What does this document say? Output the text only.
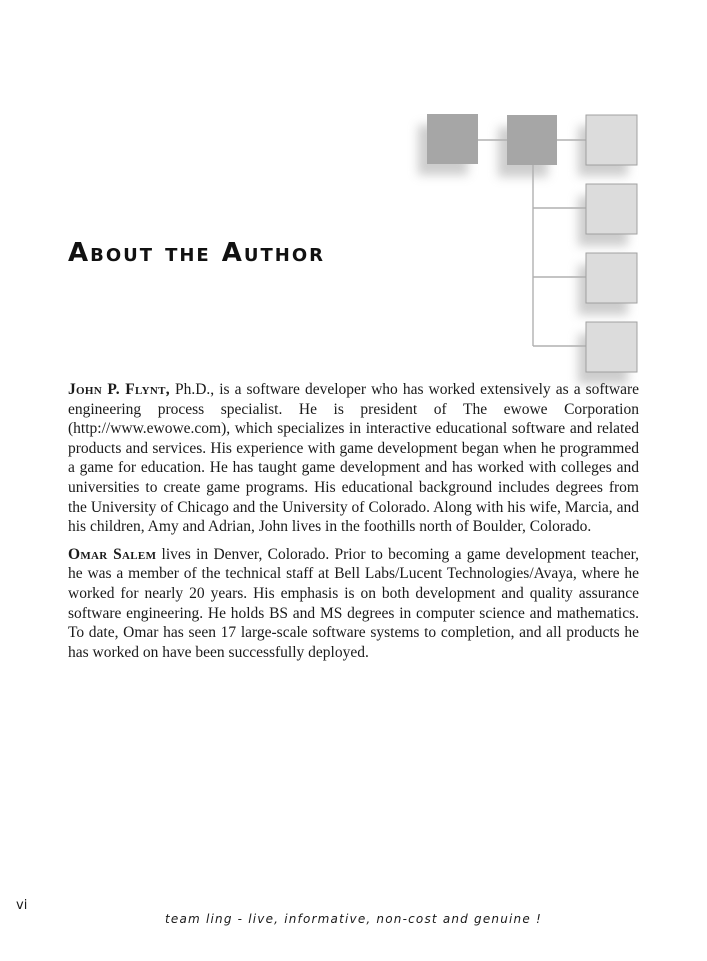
About the Author

John P. Flynt, Ph.D., is a software developer who has worked extensively as a software engineering process specialist. He is president of The ewowe Corporation (http://www.ewowe.com), which specializes in interactive educational software and related products and services. His experience with game development began when he programmed a game for education. He has taught game development and has worked with colleges and universities to create game programs. His educational background includes degrees from the University of Chicago and the University of Colorado. Along with his wife, Marcia, and his children, Amy and Adrian, John lives in the foothills north of Boulder, Colorado.

Omar Salem lives in Denver, Colorado. Prior to becoming a game development teacher, he was a member of the technical staff at Bell Labs/Lucent Technologies/Avaya, where he worked for nearly 20 years. His emphasis is on both development and quality assurance software engineering. He holds BS and MS degrees in computer science and mathematics. To date, Omar has seen 17 large-scale software systems to completion, and all products he has worked on have been successfully deployed.

vi

team ling - live, informative, non-cost and genuine !
